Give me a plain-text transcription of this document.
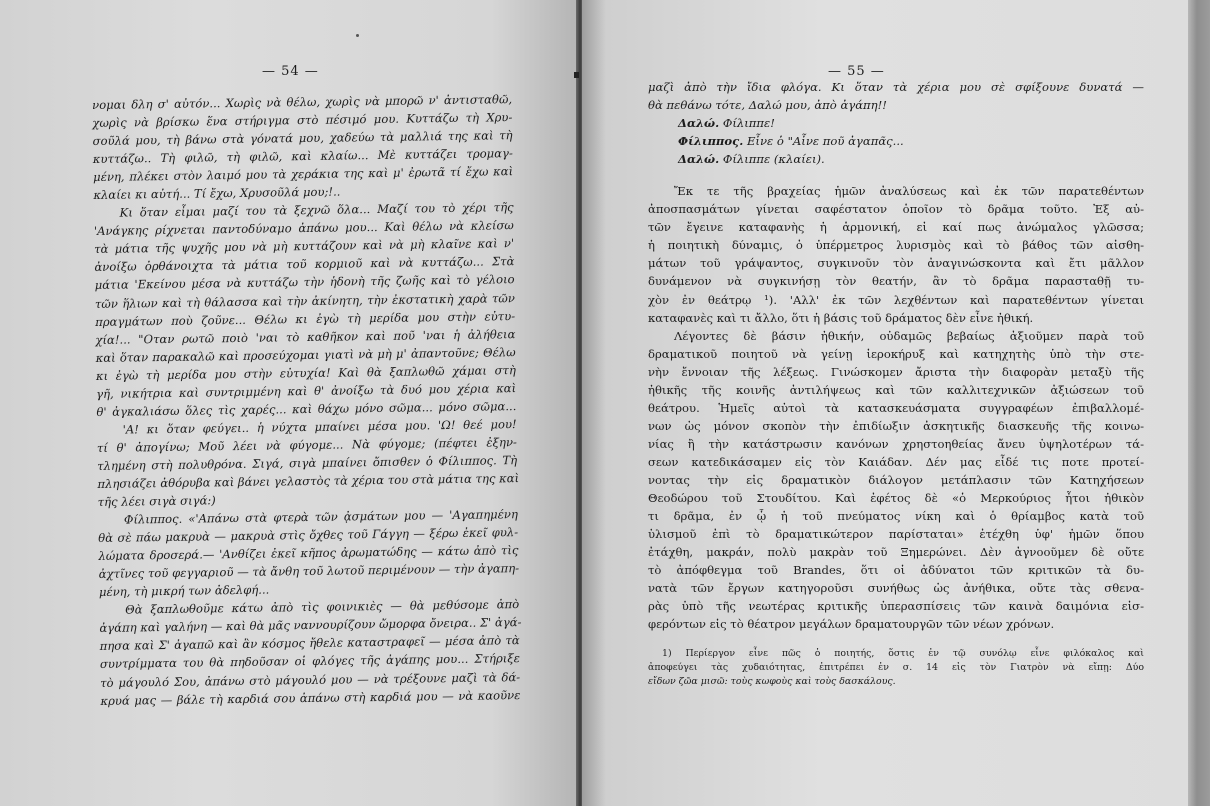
— 54 —
νομαι δλη σ' αὐτόν... Χωρὶς νὰ θέλω, χωρὶς νὰ μπορῶ ν' ἀντισταθῶ,
χωρὶς νὰ βρίσκω ἕνα στήριγμα στὸ πέσιμό μου. Κυττάζω τὴ Χρυ-
σοῦλά μου, τὴ βάνω στὰ γόνατά μου, χαδεύω τὰ μαλλιά της καὶ τὴ
κυττάζω.. Τὴ φιλῶ, τὴ φιλῶ, καὶ κλαίω... Μὲ κυττάζει τρομαγ-
μένη, πλέκει στὸν λαιμό μου τὰ χεράκια της καὶ μ' ἐρωτᾶ τί ἔχω καὶ
κλαίει κι αὐτή... Τί ἔχω, Χρυσοῦλά μου;!..
Κι ὅταν εἶμαι μαζί του τὰ ξεχνῶ ὅλα... Μαζί του τὸ χέρι τῆς
'Ανάγκης ρίχνεται παντοδύναμο ἀπάνω μου... Καὶ θέλω νὰ κλείσω
τὰ μάτια τῆς ψυχῆς μου νὰ μὴ κυττάζουν καὶ νὰ μὴ κλαῖνε καὶ ν'
ἀνοίξω ὀρθάνοιχτα τὰ μάτια τοῦ κορμιοῦ καὶ νὰ κυττάζω... Στὰ
μάτια 'Εκείνου μέσα νὰ κυττάζω τὴν ἡδονὴ τῆς ζωῆς καὶ τὸ γέλοιο
τῶν ἥλιων καὶ τὴ θάλασσα καὶ τὴν ἀκίνητη, τὴν ἐκστατικὴ χαρὰ τῶν
πραγμάτων ποὺ ζοῦνε... Θέλω κι ἐγὼ τὴ μερίδα μου στὴν εὐτυ-
χία!... "Οταν ρωτῶ ποιὸ 'ναι τὸ καθῆκον καὶ ποῦ 'ναι ἡ ἀλήθεια
καὶ ὅταν παρακαλῶ καὶ προσεύχομαι γιατὶ νὰ μὴ μ' ἀπαντοῦνε; Θέλω
κι ἐγὼ τὴ μερίδα μου στὴν εὐτυχία! Καὶ θὰ ξαπλωθῶ χάμαι στὴ
γῆ, νικήτρια καὶ συντριμμένη καὶ θ' ἀνοίξω τὰ δυό μου χέρια καὶ
θ' ἀγκαλιάσω ὅλες τὶς χαρές... καὶ θάχω μόνο σῶμα... μόνο σῶμα...
'Α! κι ὅταν φεύγει.. ἡ νύχτα μπαίνει μέσα μου. 'Ω! θεέ μου!
τί θ' ἀπογίνω; Μοῦ λέει νὰ φύγομε... Νὰ φύγομε; (πέφτει ἐξην-
τλημένη στὴ πολυθρόνα. Σιγά, σιγὰ μπαίνει ὄπισθεν ὁ Φίλιππος. Τὴ
πλησιάζει ἀθόρυβα καὶ βάνει γελαστὸς τὰ χέρια του στὰ μάτια της καὶ
τῆς λέει σιγὰ σιγά:)
Φίλιππος. «'Απάνω στὰ φτερὰ τῶν ᾀσμάτων μου — 'Αγαπημένη
θὰ σὲ πάω μακρυὰ — μακρυὰ στὶς ὄχθες τοῦ Γάγγη — ξέρω ἐκεῖ φυλ-
λώματα δροσερά.— 'Ανθίζει ἐκεῖ κῆπος ἀρωματώδης — κάτω ἀπὸ τὶς
ἀχτῖνες τοῦ φεγγαριοῦ — τὰ ἄνθη τοῦ λωτοῦ περιμένουν — τὴν ἀγαπη-
μένη, τὴ μικρή των ἀδελφή...
Θὰ ξαπλωθοῦμε κάτω ἀπὸ τὶς φοινικιὲς — θὰ μεθύσομε ἀπὸ
ἀγάπη καὶ γαλήνη — καὶ θὰ μᾶς ναννουρίζουν ὤμορφα ὄνειρα.. Σ' ἀγά-
πησα καὶ Σ' ἀγαπῶ καὶ ἂν κόσμος ἤθελε καταστραφεῖ — μέσα ἀπὸ τὰ
συντρίμματα του θὰ πηδοῦσαν οἱ φλόγες τῆς ἀγάπης μου... Στήριξε
τὸ μάγουλό Σου, ἀπάνω στὸ μάγουλό μου — νὰ τρέξουνε μαζὶ τὰ δά-
κρυά μας — βάλε τὴ καρδιά σου ἀπάνω στὴ καρδιά μου — νὰ καοῦνε
— 55 —
μαζὶ ἀπὸ τὴν ἴδια φλόγα. Κι ὅταν τὰ χέρια μου σὲ σφίξουνε δυνατά —
θὰ πεθάνω τότε, Δαλώ μου, ἀπὸ ἀγάπη!!
Δαλώ. Φίλιππε!
Φίλιππος. Εἶνε ὁ "Αἶνε ποῦ ἀγαπᾶς...
Δαλώ. Φίλιππε (κλαίει).
Ἔκ τε τῆς βραχείας ἡμῶν ἀναλύσεως καὶ ἐκ τῶν παρατεθέντων
ἀποσπασμάτων γίνεται σαφέστατον ὁποῖον τὸ δρᾶμα τοῦτο. Ἐξ αὐ-
τῶν ἔγεινε καταφανὴς ἡ ἁρμονική, εἰ καί πως ἀνώμαλος γλῶσσα;
ἡ ποιητικὴ δύναμις, ὁ ὑπέρμετρος λυρισμὸς καὶ τὸ βάθος τῶν αἰσθη-
μάτων τοῦ γράψαντος, συγκινοῦν τὸν ἀναγινώσκοντα καὶ ἔτι μᾶλλον
δυνάμενον νὰ συγκινήσῃ τὸν θεατήν, ἂν τὸ δρᾶμα παρασταθῇ τυ-
χὸν ἐν θεάτρῳ ¹). 'Αλλ' ἐκ τῶν λεχθέντων καὶ παρατεθέντων γίνεται
καταφανὲς καὶ τι ἄλλο, ὅτι ἡ βάσις τοῦ δράματος δὲν εἶνε ἠθική.
Λέγοντες δὲ βάσιν ἠθικήν, οὐδαμῶς βεβαίως ἀξιοῦμεν παρὰ τοῦ
δραματικοῦ ποιητοῦ νὰ γείνῃ ἱεροκήρυξ καὶ κατηχητὴς ὑπὸ τὴν στε-
νὴν ἔννοιαν τῆς λέξεως. Γινώσκομεν ἄριστα τὴν διαφορὰν μεταξὺ τῆς
ἠθικῆς τῆς κοινῆς ἀντιλήψεως καὶ τῶν καλλιτεχνικῶν ἀξιώσεων τοῦ
θεάτρου. Ἡμεῖς αὐτοὶ τὰ κατασκευάσματα συγγραφέων ἐπιβαλλομέ-
νων ὡς μόνον σκοπὸν τὴν ἐπιδίωξιν ἀσκητικῆς διασκευῆς τῆς κοινω-
νίας ἢ τὴν κατάστρωσιν κανόνων χρηστοηθείας ἄνευ ὑψηλοτέρων τά-
σεων κατεδικάσαμεν εἰς τὸν Καιάδαν. Δέν μας εἶδέ τις ποτε προτεί-
νοντας τὴν εἰς δραματικὸν διάλογον μετάπλασιν τῶν Κατηχήσεων
Θεοδώρου τοῦ Στουδίτου. Καὶ ἐφέτος δὲ «ὁ Μερκούριος ἦτοι ἠθικὸν
τι δρᾶμα, ἐν ᾧ ἡ τοῦ πνεύματος νίκη καὶ ὁ θρίαμβος κατὰ τοῦ
ὑλισμοῦ ἐπὶ τὸ δραματικώτερον παρίσταται» ἐτέχθη ὑφ' ἡμῶν ὅπου
ἐτάχθη, μακράν, πολὺ μακρὰν τοῦ Ξημερώνει. Δὲν ἀγνοοῦμεν δὲ οὔτε
τὸ ἀπόφθεγμα τοῦ Brandes, ὅτι οἱ ἀδύνατοι τῶν κριτικῶν τὰ δυ-
νατὰ τῶν ἔργων κατηγοροῦσι συνήθως ὡς ἀνήθικα, οὔτε τὰς σθενα-
ρὰς ὑπὸ τῆς νεωτέρας κριτικῆς ὑπερασπίσεις τῶν καινὰ δαιμόνια εἰσ-
φερόντων εἰς τὸ θέατρον μεγάλων δραματουργῶν τῶν νέων χρόνων.
1) Περίεργον εἶνε πῶς ὁ ποιητής, ὅστις ἐν τῷ συνόλῳ εἶνε φιλόκαλος καὶ
ἀποφεύγει τὰς χυδαιότητας, ἐπιτρέπει ἐν σ. 14 εἰς τὸν Γιατρὸν νὰ εἴπῃ: Δύο
εἴδων ζῶα μισῶ: τοὺς κωφοὺς καὶ τοὺς δασκάλους.
